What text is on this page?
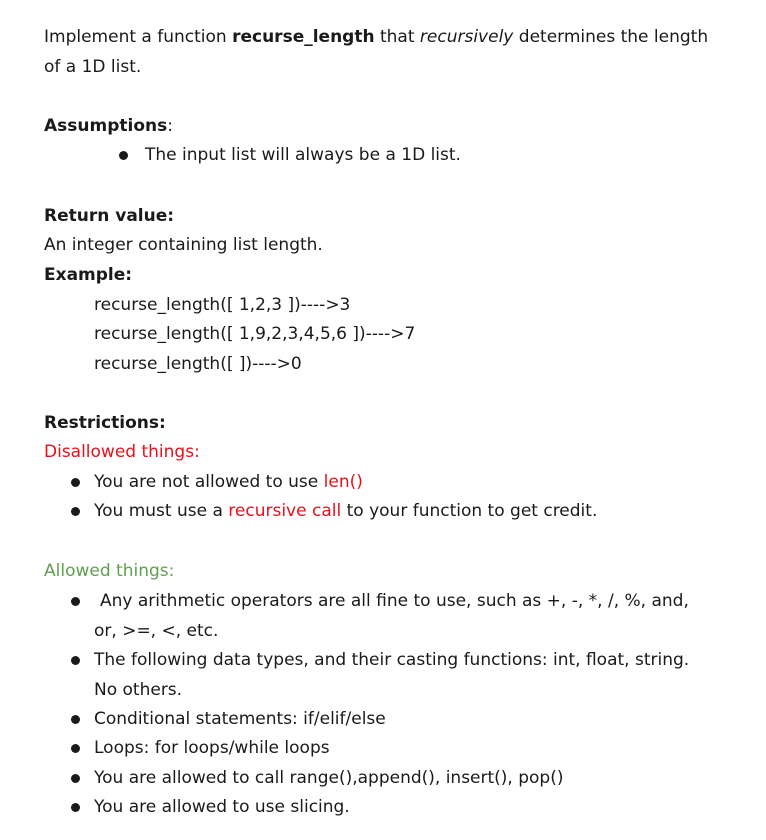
Implement a function recurse_length that recursively determines the length
of a 1D list.
Assumptions:
The input list will always be a 1D list.
Return value:
An integer containing list length.
Example:
recurse_length([ 1,2,3 ])---->3
recurse_length([ 1,9,2,3,4,5,6 ])---->7
recurse_length([ ])---->0
Restrictions:
Disallowed things:
You are not allowed to use len()
You must use a recursive call to your function to get credit.
Allowed things:
Any arithmetic operators are all fine to use, such as +, -, *, /, %, and,
or, >=, <, etc.
The following data types, and their casting functions: int, float, string.
No others.
Conditional statements: if/elif/else
Loops: for loops/while loops
You are allowed to call range(),append(), insert(), pop()
You are allowed to use slicing.
